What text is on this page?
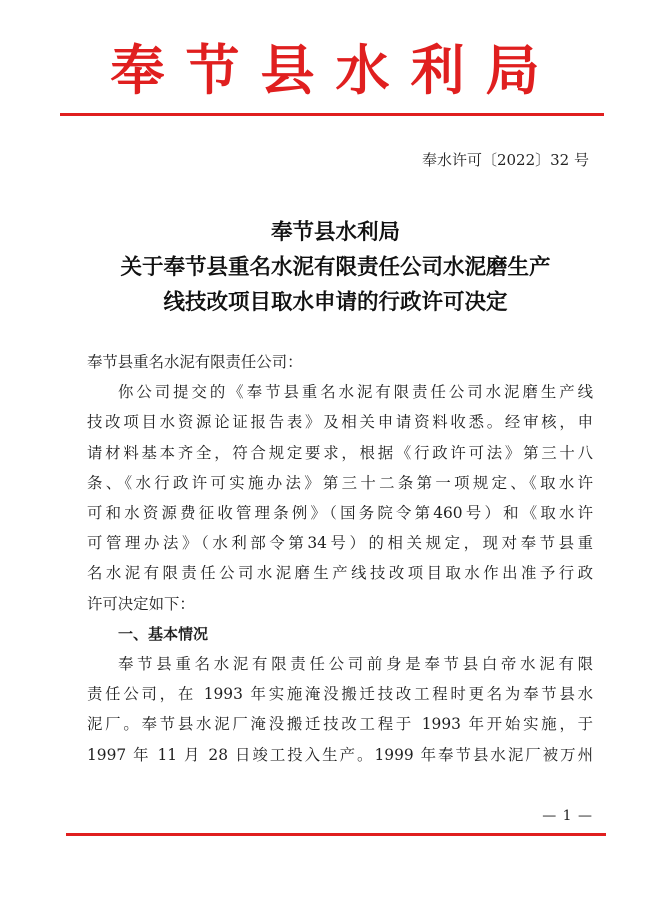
奉节县水利局
奉水许可〔2022〕32 号
奉节县水利局
关于奉节县重名水泥有限责任公司水泥磨生产
线技改项目取水申请的行政许可决定

奉节县重名水泥有限责任公司：

你公司提交的《奉节县重名水泥有限责任公司水泥磨生产线

技改项目水资源论证报告表》及相关申请资料收悉。经审核，申

请材料基本齐全，符合规定要求，根据《行政许可法》第三十八

条、《水行政许可实施办法》第三十二条第一项规定、《取水许

可和水资源费征收管理条例》（国务院令第460号）和《取水许

可管理办法》（水利部令第34号）的相关规定，现对奉节县重

名水泥有限责任公司水泥磨生产线技改项目取水作出准予行政

许可决定如下：

一、基本情况

奉节县重名水泥有限责任公司前身是奉节县白帝水泥有限

责任公司，在 1993 年实施淹没搬迁技改工程时更名为奉节县水

泥厂。奉节县水泥厂淹没搬迁技改工程于 1993 年开始实施，于

1997 年 11 月 28 日竣工投入生产。1999 年奉节县水泥厂被万州

— 1 —
